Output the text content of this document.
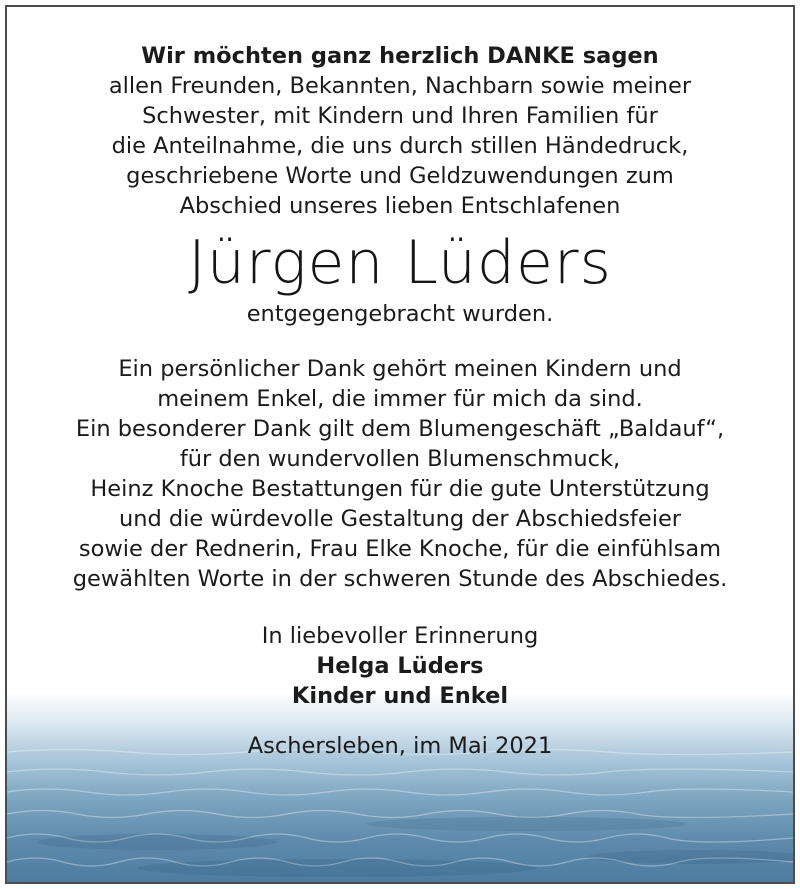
Wir möchten ganz herzlich DANKE sagen
allen Freunden, Bekannten, Nachbarn sowie meiner
Schwester, mit Kindern und Ihren Familien für
die Anteilnahme, die uns durch stillen Händedruck,
geschriebene Worte und Geldzuwendungen zum
Abschied unseres lieben Entschlafenen
Jürgen Lüders
entgegengebracht wurden.
Ein persönlicher Dank gehört meinen Kindern und
meinem Enkel, die immer für mich da sind.
Ein besonderer Dank gilt dem Blumengeschäft „Baldauf“,
für den wundervollen Blumenschmuck,
Heinz Knoche Bestattungen für die gute Unterstützung
und die würdevolle Gestaltung der Abschiedsfeier
sowie der Rednerin, Frau Elke Knoche, für die einfühlsam
gewählten Worte in der schweren Stunde des Abschiedes.
In liebevoller Erinnerung
Helga Lüders
Kinder und Enkel
Aschersleben, im Mai 2021
